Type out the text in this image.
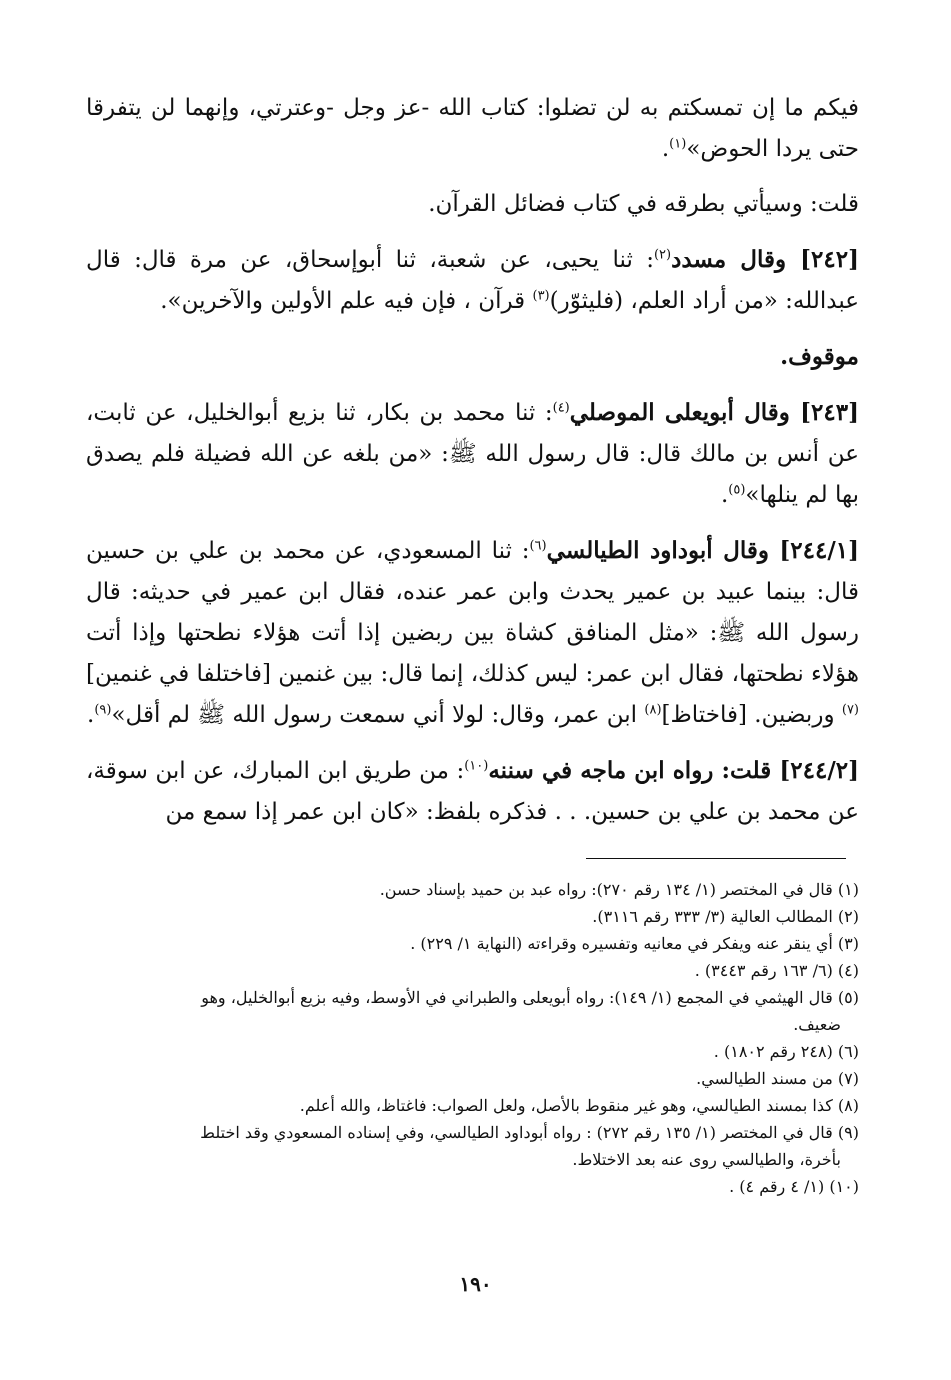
فيكم ما إن تمسكتم به لن تضلوا: كتاب الله -عز وجل -وعترتي، وإنهما لن يتفرقا حتى يردا الحوض»$^{(١)}$.

قلت: وسيأتي بطرقه في كتاب فضائل القرآن.

[٢٤٢] وقال مسدد$^{(٢)}$: ثنا يحيى، عن شعبة، ثنا أبوإسحاق، عن مرة قال: قال عبدالله: «من أراد العلم، (فليثوّر)$^{(٣)}$ قرآن ، فإن فيه علم الأولين والآخرين».

موقوف.

[٢٤٣] وقال أبويعلى الموصلي$^{(٤)}$: ثنا محمد بن بكار، ثنا بزيع أبوالخليل، عن ثابت، عن أنس بن مالك قال: قال رسول الله ﷺ: «من بلغه عن الله فضيلة فلم يصدق بها لم ينلها»$^{(٥)}$.

[٢٤٤/١] وقال أبوداود الطيالسي$^{(٦)}$: ثنا المسعودي، عن محمد بن علي بن حسين قال: بينما عبيد بن عمير يحدث وابن عمر عنده، فقال ابن عمير في حديثه: قال رسول الله ﷺ: «مثل المنافق كشاة بين ربضين إذا أتت هؤلاء نطحتها وإذا أتت هؤلاء نطحتها، فقال ابن عمر: ليس كذلك، إنما قال: بين غنمين [فاختلفا في غنمين]$^{(٧)}$ وربضين. [فاختاظ]$^{(٨)}$ ابن عمر، وقال: لولا أني سمعت رسول الله ﷺ لم أقل»$^{(٩)}$.

[٢٤٤/٢] قلت: رواه ابن ماجه في سننه$^{(١٠)}$: من طريق ابن المبارك، عن ابن سوقة، عن محمد بن علي بن حسين. . . فذكره بلفظ: «كان ابن عمر إذا سمع من

(١) قال في المختصر (١/ ١٣٤ رقم ٢٧٠): رواه عبد بن حميد بإسناد حسن.

(٢) المطالب العالية (٣/ ٣٣٣ رقم ٣١١٦).

(٣) أي ينقر عنه ويفكر في معانيه وتفسيره وقراءته (النهاية ١/ ٢٢٩) .

(٤) (٦/ ١٦٣ رقم ٣٤٤٣) .

(٥) قال الهيثمي في المجمع (١/ ١٤٩): رواه أبويعلى والطبراني في الأوسط، وفيه بزيع أبوالخليل، وهو

ضعيف.

(٦) (٢٤٨ رقم ١٨٠٢) .

(٧) من مسند الطيالسي.

(٨) كذا بمسند الطيالسي، وهو غير منقوط بالأصل، ولعل الصواب: فاغتاظ، والله أعلم.

(٩) قال في المختصر (١/ ١٣٥ رقم ٢٧٢) : رواه أبوداود الطيالسي، وفي إسناده المسعودي وقد اختلط

بأخرة، والطيالسي روى عنه بعد الاختلاط.

(١٠) (١/ ٤ رقم ٤) .

١٩٠
